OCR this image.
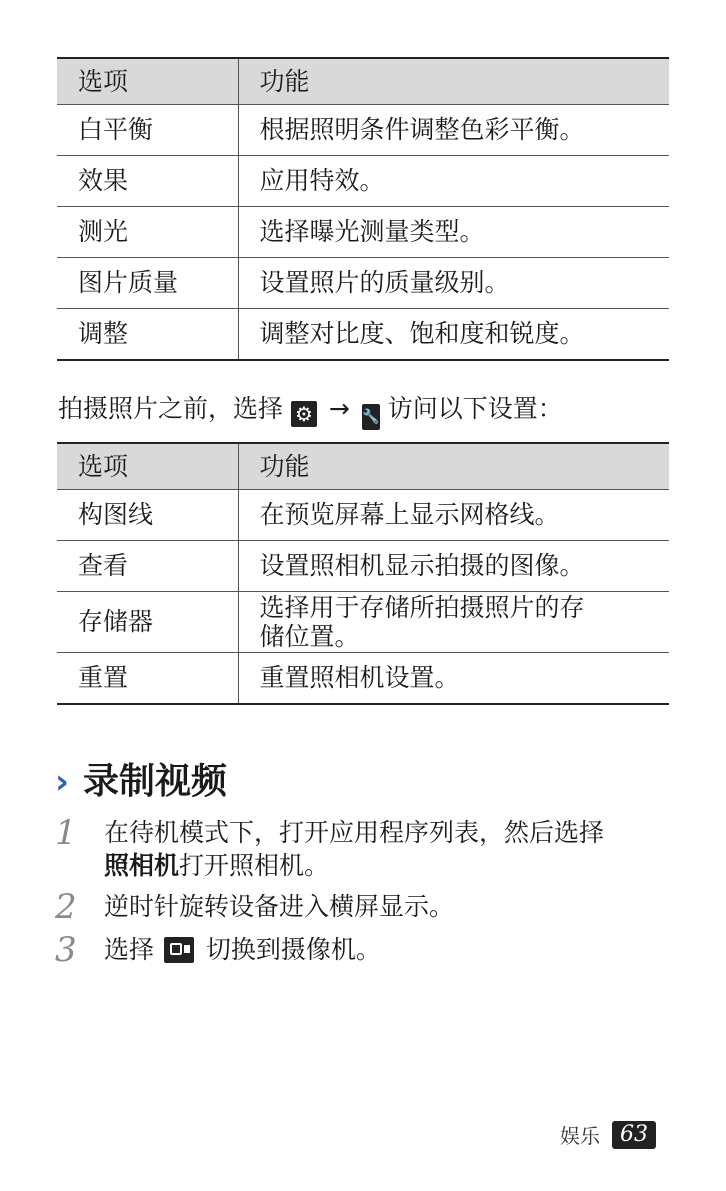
选项	功能
白平衡	根据照明条件调整色彩平衡。
效果	应用特效。
测光	选择曝光测量类型。
图片质量	设置照片的质量级别。
调整	调整对比度、饱和度和锐度。
拍摄照片之前，选择 ⚙ → 🔧 访问以下设置：
选项	功能
构图线	在预览屏幕上显示网格线。
查看	设置照相机显示拍摄的图像。
存储器	选择用于存储所拍摄照片的存
储位置。
重置	重置照相机设置。
› 录制视频
1	在待机模式下，打开应用程序列表，然后选择
照相机打开照相机。
2	逆时针旋转设备进入横屏显示。
3	选择 切换到摄像机。
娱乐 63
